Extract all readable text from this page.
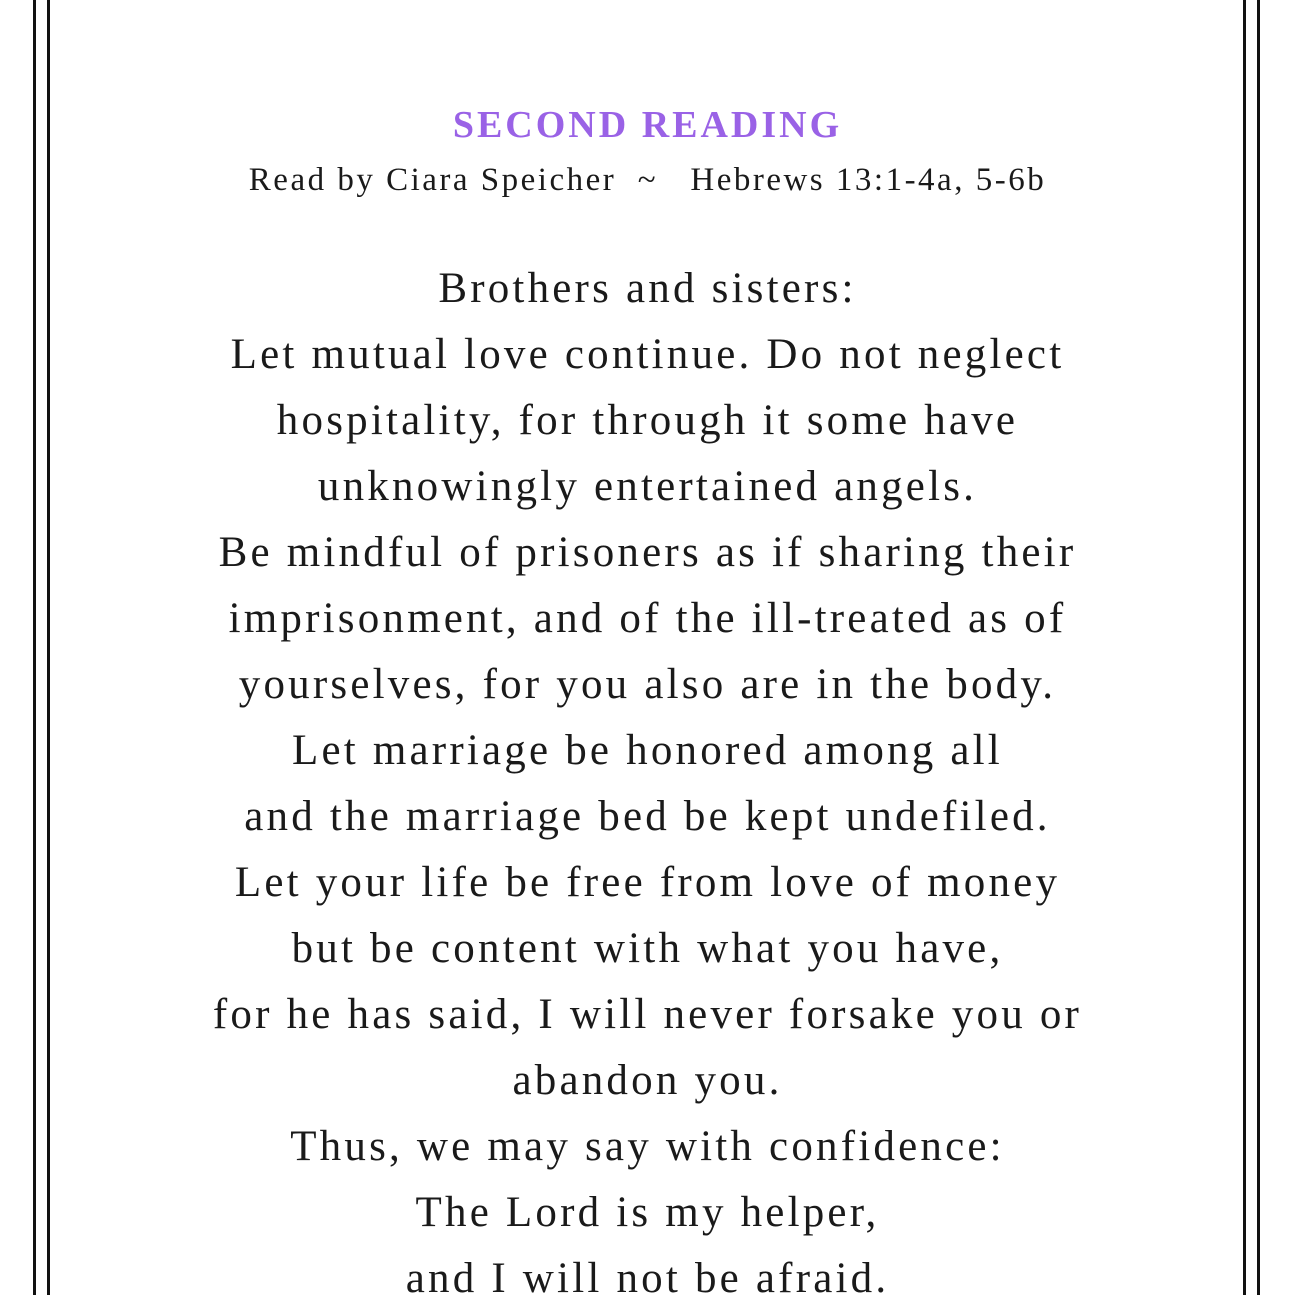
SECOND READING
Read by Ciara Speicher ~ Hebrews 13:1-4a, 5-6b
Brothers and sisters:
Let mutual love continue. Do not neglect
hospitality, for through it some have
unknowingly entertained angels.
Be mindful of prisoners as if sharing their
imprisonment, and of the ill-treated as of
yourselves, for you also are in the body.
Let marriage be honored among all
and the marriage bed be kept undefiled.
Let your life be free from love of money
but be content with what you have,
for he has said, I will never forsake you or
abandon you.
Thus, we may say with confidence:
The Lord is my helper,
and I will not be afraid.
